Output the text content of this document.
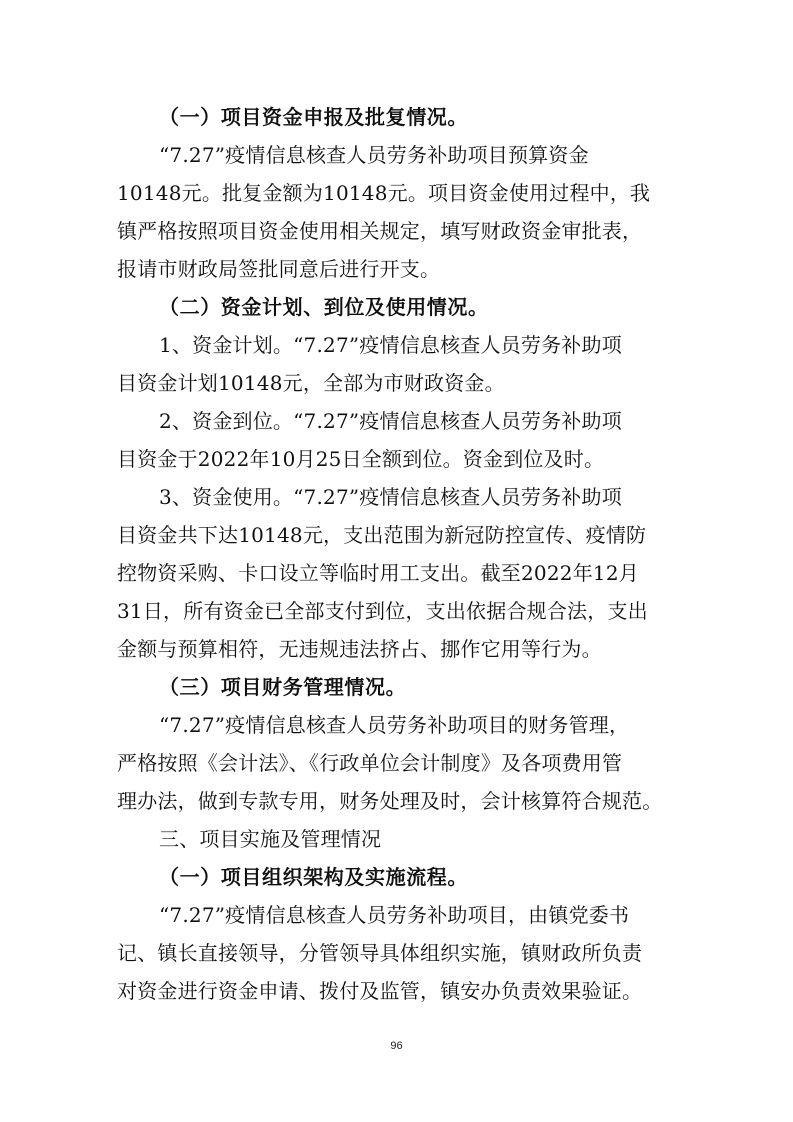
（一）项目资金申报及批复情况。
“7.27”疫情信息核查人员劳务补助项目预算资金
10148元。批复金额为10148元。项目资金使用过程中，我
镇严格按照项目资金使用相关规定，填写财政资金审批表，
报请市财政局签批同意后进行开支。
（二）资金计划、到位及使用情况。
1、资金计划。“7.27”疫情信息核查人员劳务补助项
目资金计划10148元，全部为市财政资金。
2、资金到位。“7.27”疫情信息核查人员劳务补助项
目资金于2022年10月25日全额到位。资金到位及时。
3、资金使用。“7.27”疫情信息核查人员劳务补助项
目资金共下达10148元，支出范围为新冠防控宣传、疫情防
控物资采购、卡口设立等临时用工支出。截至2022年12月
31日，所有资金已全部支付到位，支出依据合规合法，支出
金额与预算相符，无违规违法挤占、挪作它用等行为。
（三）项目财务管理情况。
“7.27”疫情信息核查人员劳务补助项目的财务管理，
严格按照《会计法》、《行政单位会计制度》及各项费用管
理办法，做到专款专用，财务处理及时，会计核算符合规范。
三、项目实施及管理情况
（一）项目组织架构及实施流程。
“7.27”疫情信息核查人员劳务补助项目，由镇党委书
记、镇长直接领导，分管领导具体组织实施，镇财政所负责
对资金进行资金申请、拨付及监管，镇安办负责效果验证。
96
